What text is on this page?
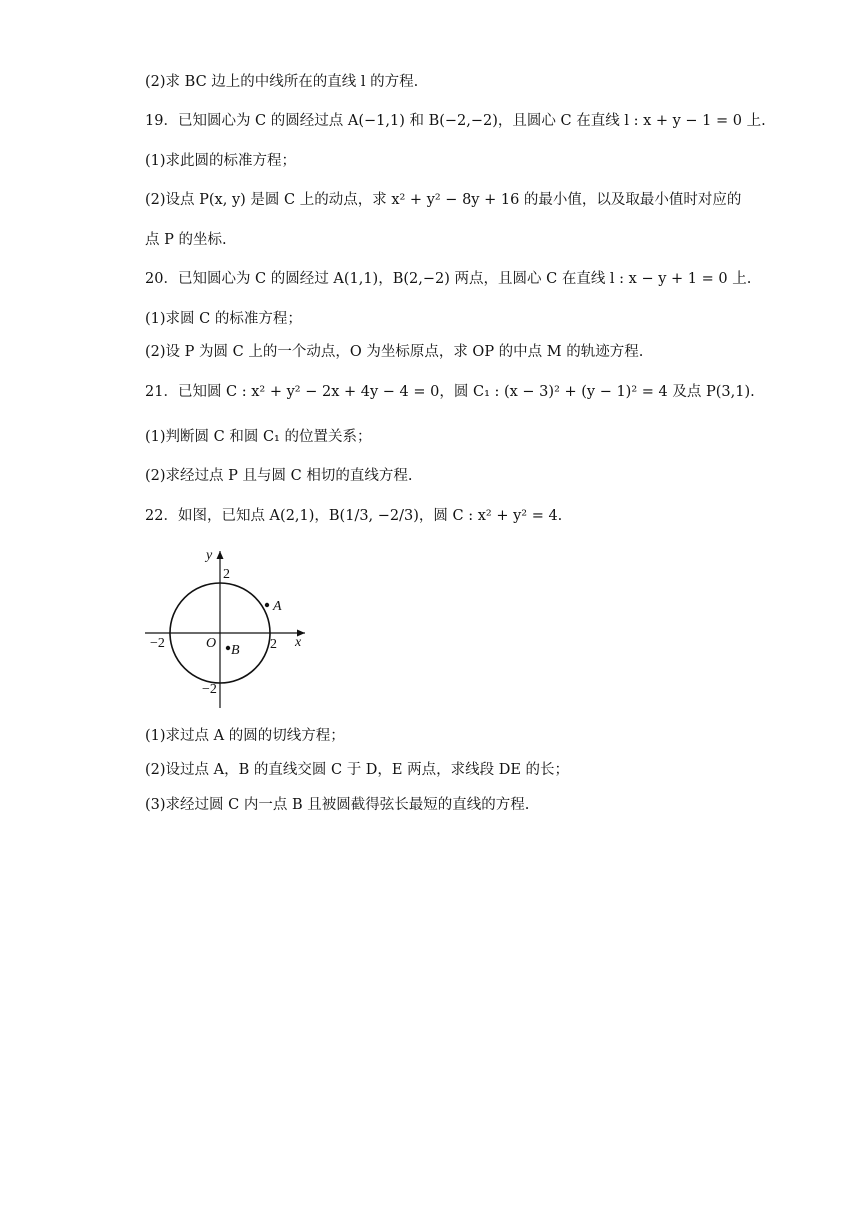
(2)求 BC 边上的中线所在的直线 l 的方程.
19．已知圆心为 C 的圆经过点 A(−1,1) 和 B(−2,−2)，且圆心 C 在直线 l : x + y − 1 = 0 上.
(1)求此圆的标准方程；
(2)设点 P(x, y) 是圆 C 上的动点，求 x² + y² − 8y + 16 的最小值，以及取最小值时对应的
点 P 的坐标.
20．已知圆心为 C 的圆经过 A(1,1)，B(2,−2) 两点，且圆心 C 在直线 l : x − y + 1 = 0 上.
(1)求圆 C 的标准方程；
(2)设 P 为圆 C 上的一个动点，O 为坐标原点，求 OP 的中点 M 的轨迹方程.
21．已知圆 C : x² + y² − 2x + 4y − 4 = 0，圆 C₁ : (x − 3)² + (y − 1)² = 4 及点 P(3,1).
(1)判断圆 C 和圆 C₁ 的位置关系；
(2)求经过点 P 且与圆 C 相切的直线方程.
22．如图，已知点 A(2,1)，B(1/3, −2/3)，圆 C : x² + y² = 4.
y
x
O
2
−2
−2	2
A
B
(1)求过点 A 的圆的切线方程；
(2)设过点 A，B 的直线交圆 C 于 D，E 两点，求线段 DE 的长；
(3)求经过圆 C 内一点 B 且被圆截得弦长最短的直线的方程.
